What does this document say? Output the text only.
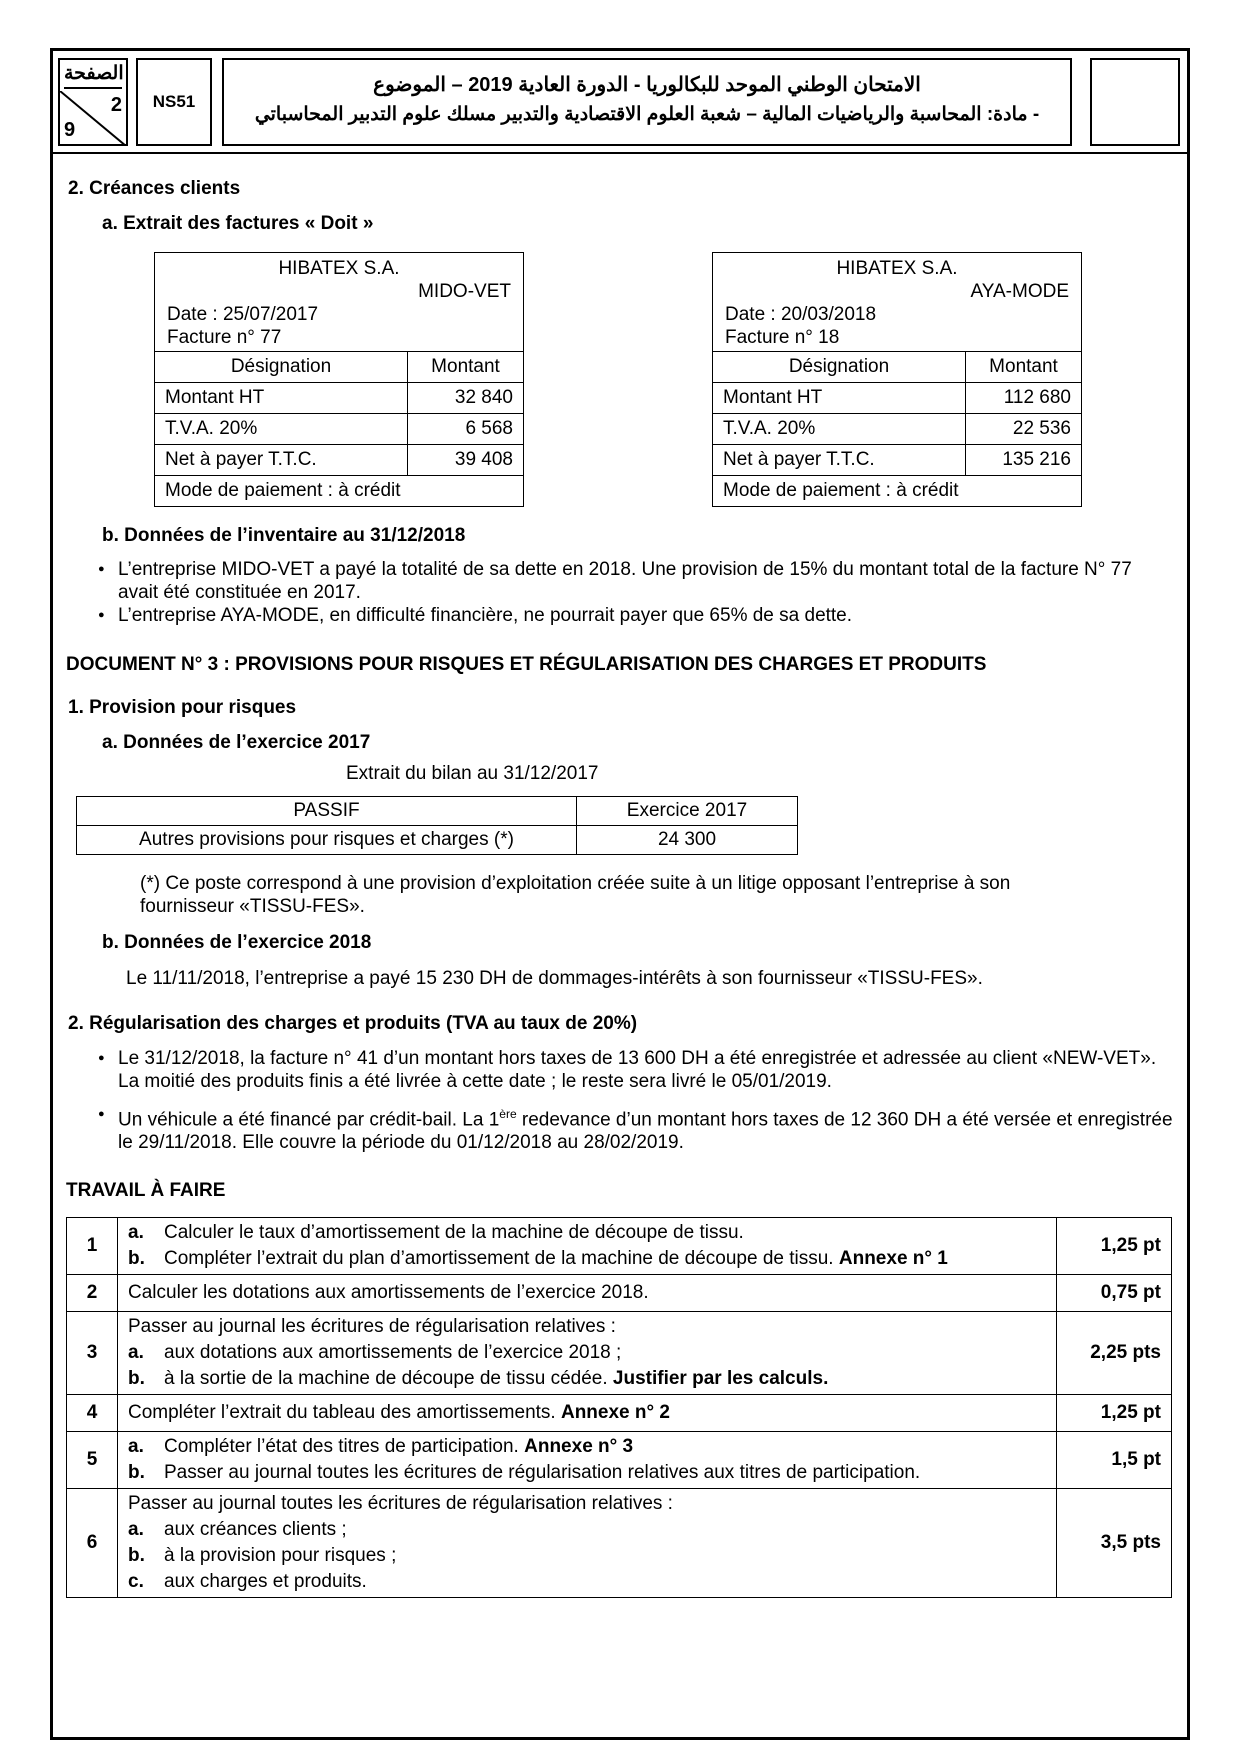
الصفحة
2
9
NS51
الامتحان الوطني الموحد للبكالوريا - الدورة العادية 2019 – الموضوع
- مادة: المحاسبة والرياضيات المالية – شعبة العلوم الاقتصادية والتدبير مسلك علوم التدبير المحاسباتي
2. Créances clients
a. Extrait des factures « Doit »
HIBATEX S.A.
MIDO-VET
Date : 25/07/2017
Facture n° 77	

Désignation	Montant
Montant HT	32 840
T.V.A. 20%	6 568
Net à payer T.T.C.	39 408
Mode de paiement : à crédit	
HIBATEX S.A.
AYA-MODE
Date : 20/03/2018
Facture n° 18	

Désignation	Montant
Montant HT	112 680
T.V.A. 20%	22 536
Net à payer T.T.C.	135 216
Mode de paiement : à crédit	
b. Données de l’inventaire au 31/12/2018
● L’entreprise MIDO-VET a payé la totalité de sa dette en 2018. Une provision de 15% du montant total de la facture N° 77 avait été constituée en 2017.
● L’entreprise AYA-MODE, en difficulté financière, ne pourrait payer que 65% de sa dette.
DOCUMENT N° 3 : PROVISIONS POUR RISQUES ET RÉGULARISATION DES CHARGES ET PRODUITS
1. Provision pour risques
a. Données de l’exercice 2017
Extrait du bilan au 31/12/2017
PASSIF	Exercice 2017
Autres provisions pour risques et charges (*)	24 300
(*) Ce poste correspond à une provision d’exploitation créée suite à un litige opposant l’entreprise à son fournisseur «TISSU-FES».
b. Données de l’exercice 2018
Le 11/11/2018, l’entreprise a payé 15 230 DH de dommages-intérêts à son fournisseur «TISSU-FES».
2. Régularisation des charges et produits (TVA au taux de 20%)
● Le 31/12/2018, la facture n° 41 d’un montant hors taxes de 13 600 DH a été enregistrée et adressée au client «NEW-VET». La moitié des produits finis a été livrée à cette date ; le reste sera livré le 05/01/2019.
● Un véhicule a été financé par crédit-bail. La 1ère redevance d’un montant hors taxes de 12 360 DH a été versée et enregistrée le 29/11/2018. Elle couvre la période du 01/12/2018 au 28/02/2019.
TRAVAIL À FAIRE
1	a. Calculer le taux d’amortissement de la machine de découpe de tissu.
b. Compléter l’extrait du plan d’amortissement de la machine de découpe de tissu. Annexe n° 1	1,25 pt
2	Calculer les dotations aux amortissements de l’exercice 2018.	0,75 pt
3	Passer au journal les écritures de régularisation relatives :
a. aux dotations aux amortissements de l’exercice 2018 ;
b. à la sortie de la machine de découpe de tissu cédée. Justifier par les calculs.	2,25 pts
4	Compléter l’extrait du tableau des amortissements. Annexe n° 2	1,25 pt
5	a. Compléter l’état des titres de participation. Annexe n° 3
b. Passer au journal toutes les écritures de régularisation relatives aux titres de participation.	1,5 pt
6	Passer au journal toutes les écritures de régularisation relatives :
a. aux créances clients ;
b. à la provision pour risques ;
c. aux charges et produits.	3,5 pts
